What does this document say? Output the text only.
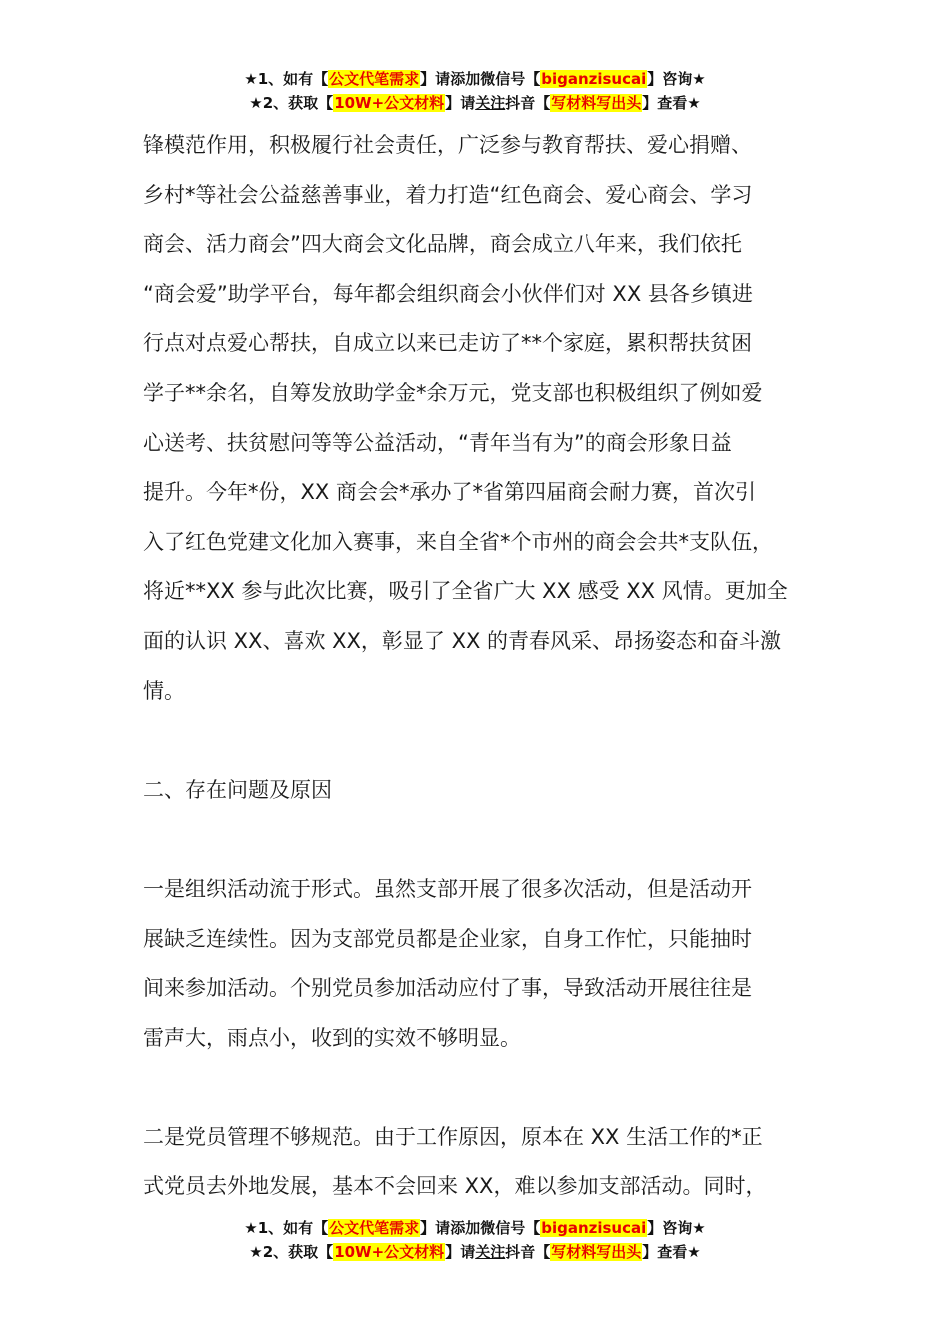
★1、如有【公文代笔需求】请添加微信号【biganzisucai】咨询★
★2、获取【10W+公文材料】请关注抖音【写材料写出头】查看★

锋模范作用，积极履行社会责任，广泛参与教育帮扶、爱心捐赠、

乡村*等社会公益慈善事业，着力打造“红色商会、爱心商会、学习

商会、活力商会”四大商会文化品牌，商会成立八年来，我们依托

“商会爱”助学平台，每年都会组织商会小伙伴们对 XX 县各乡镇进

行点对点爱心帮扶，自成立以来已走访了**个家庭，累积帮扶贫困

学子**余名，自筹发放助学金*余万元，党支部也积极组织了例如爱

心送考、扶贫慰问等等公益活动，“青年当有为”的商会形象日益

提升。今年*份，XX 商会会*承办了*省第四届商会耐力赛，首次引

入了红色党建文化加入赛事，来自全省*个市州的商会会共*支队伍，

将近**XX 参与此次比赛，吸引了全省广大 XX 感受 XX 风情。更加全

面的认识 XX、喜欢 XX，彰显了 XX 的青春风采、昂扬姿态和奋斗激

情。

二、存在问题及原因

一是组织活动流于形式。虽然支部开展了很多次活动，但是活动开

展缺乏连续性。因为支部党员都是企业家，自身工作忙，只能抽时

间来参加活动。个别党员参加活动应付了事，导致活动开展往往是

雷声大，雨点小，收到的实效不够明显。

二是党员管理不够规范。由于工作原因，原本在 XX 生活工作的*正

式党员去外地发展，基本不会回来 XX，难以参加支部活动。同时，

★1、如有【公文代笔需求】请添加微信号【biganzisucai】咨询★
★2、获取【10W+公文材料】请关注抖音【写材料写出头】查看★
